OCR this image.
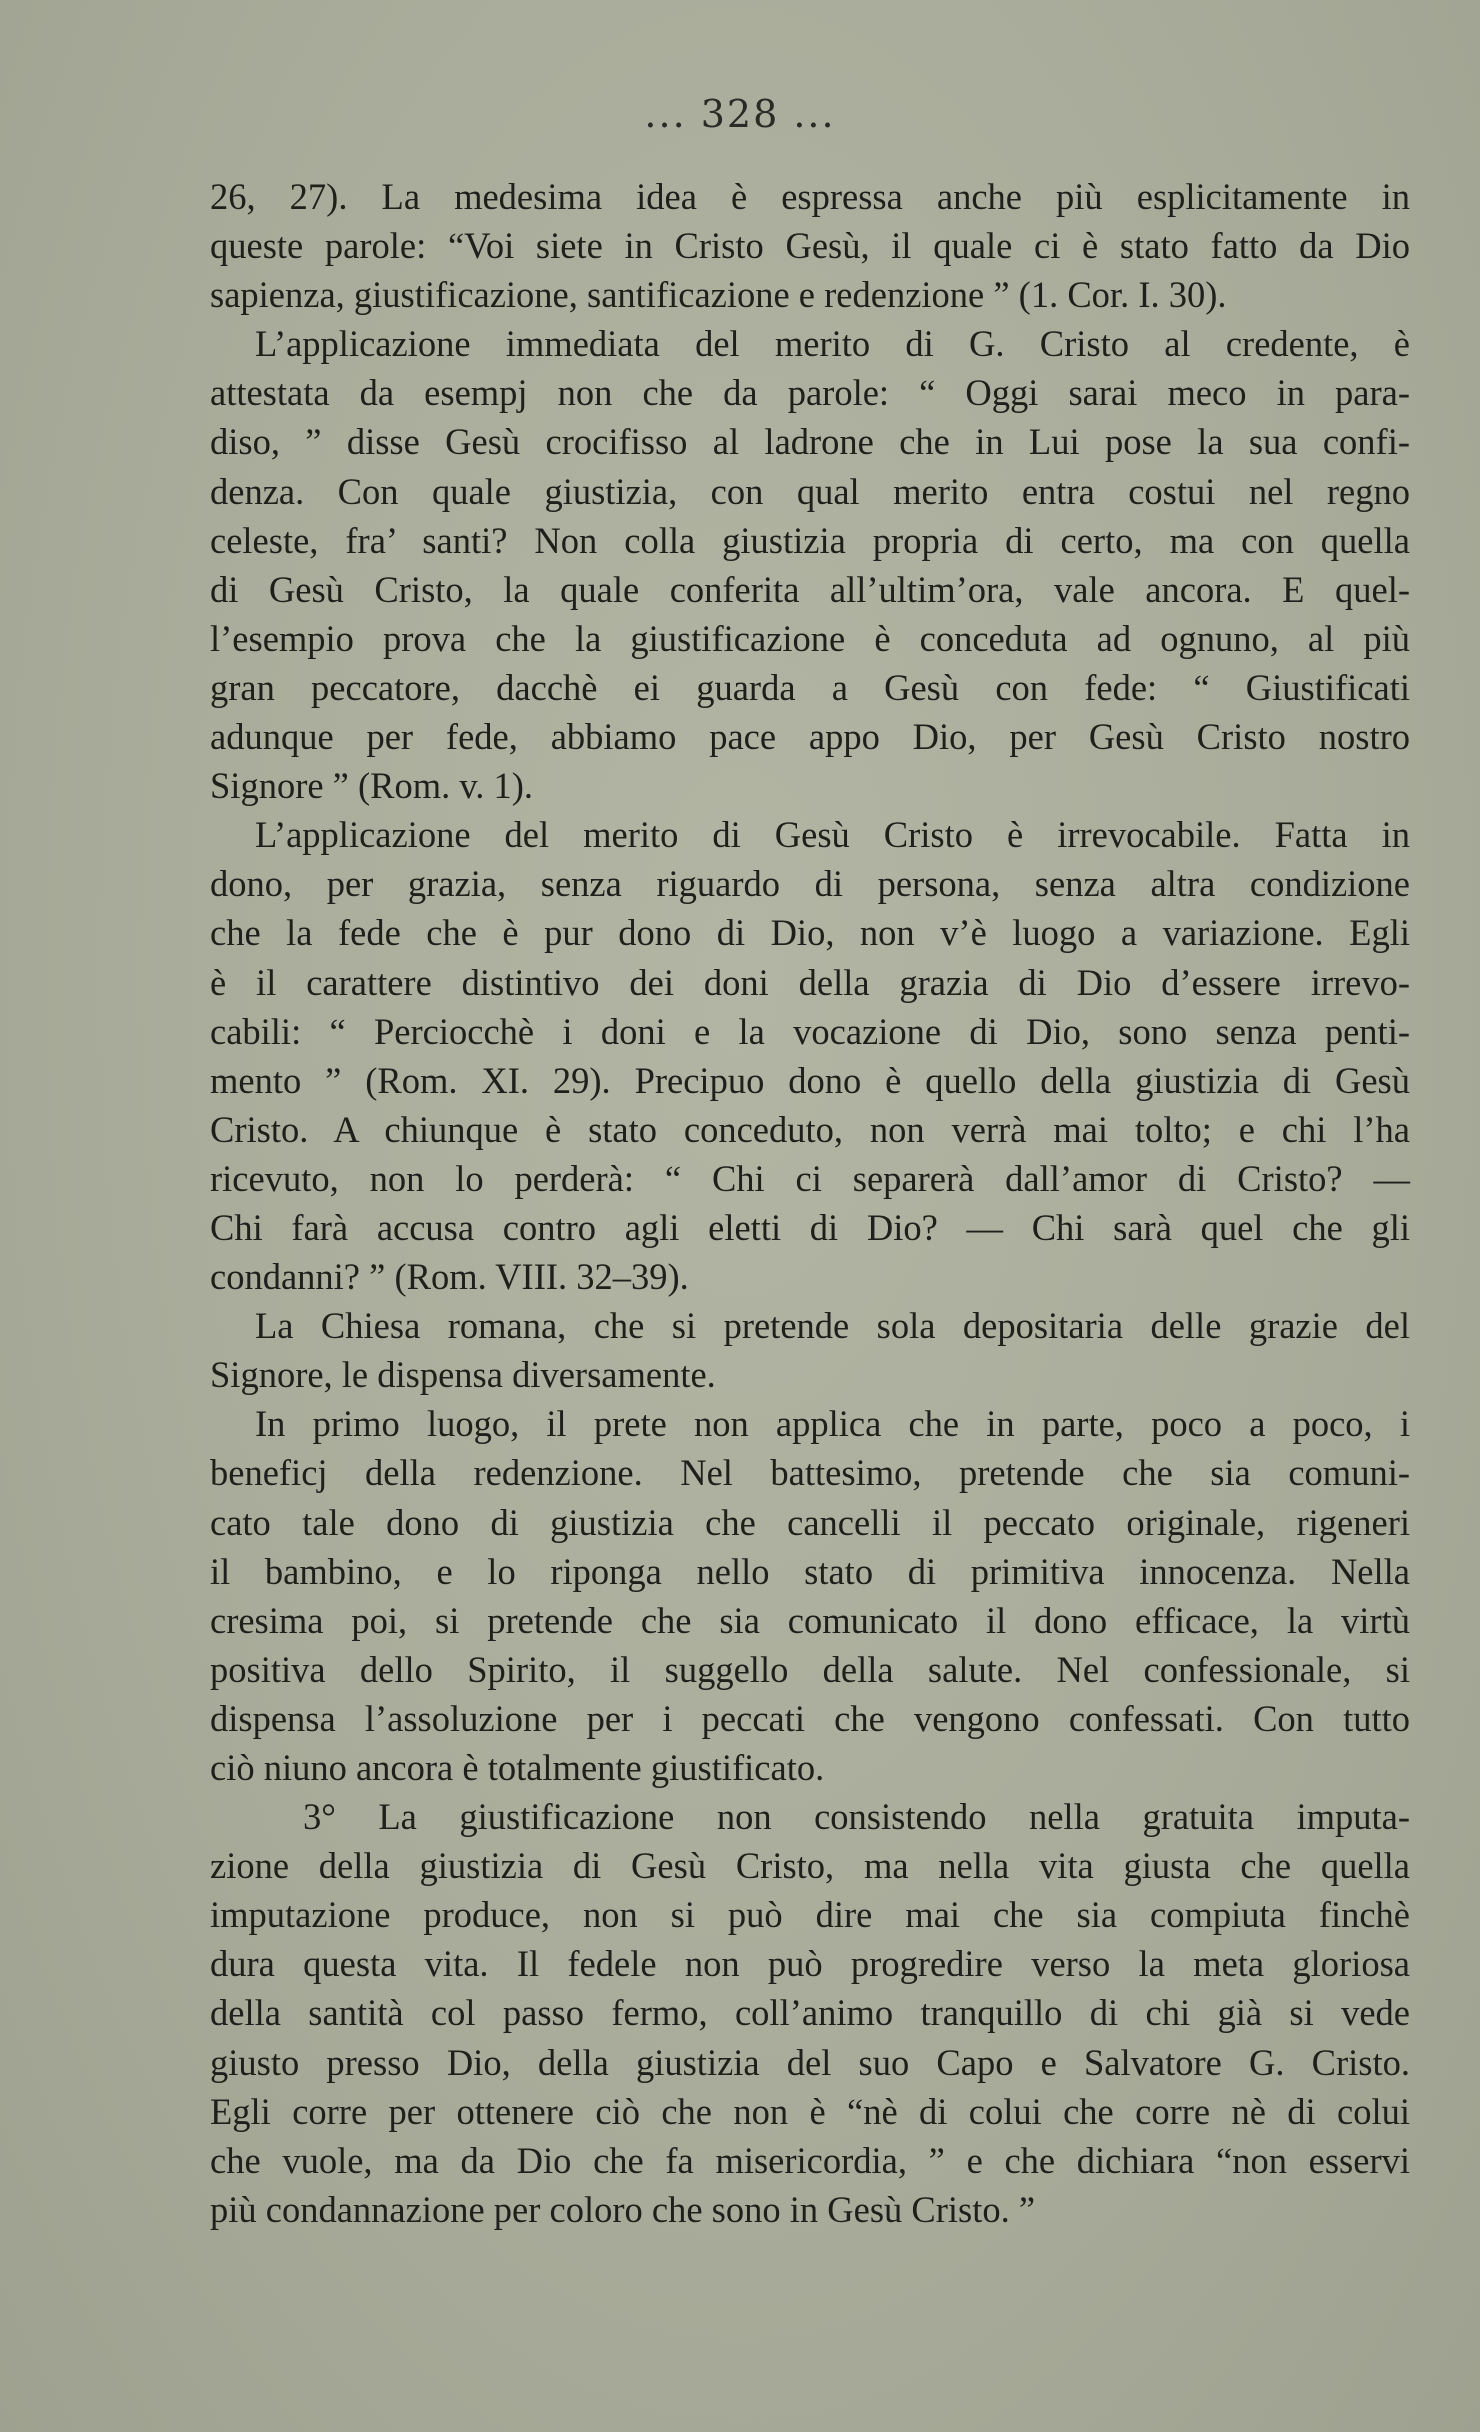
... 328 ...
26, 27). La medesima idea è espressa anche più esplicitamente in
queste parole: “Voi siete in Cristo Gesù, il quale ci è stato fatto da Dio
sapienza, giustificazione, santificazione e redenzione ” (1. Cor. I. 30).
L’applicazione immediata del merito di G. Cristo al credente, è
attestata da esempj non che da parole: “ Oggi sarai meco in para-
diso, ” disse Gesù crocifisso al ladrone che in Lui pose la sua confi-
denza. Con quale giustizia, con qual merito entra costui nel regno
celeste, fra’ santi? Non colla giustizia propria di certo, ma con quella
di Gesù Cristo, la quale conferita all’ultim’ora, vale ancora. E quel-
l’esempio prova che la giustificazione è conceduta ad ognuno, al più
gran peccatore, dacchè ei guarda a Gesù con fede: “ Giustificati
adunque per fede, abbiamo pace appo Dio, per Gesù Cristo nostro
Signore ” (Rom. v. 1).
L’applicazione del merito di Gesù Cristo è irrevocabile. Fatta in
dono, per grazia, senza riguardo di persona, senza altra condizione
che la fede che è pur dono di Dio, non v’è luogo a variazione. Egli
è il carattere distintivo dei doni della grazia di Dio d’essere irrevo-
cabili: “ Perciocchè i doni e la vocazione di Dio, sono senza penti-
mento ” (Rom. XI. 29). Precipuo dono è quello della giustizia di Gesù
Cristo. A chiunque è stato conceduto, non verrà mai tolto; e chi l’ha
ricevuto, non lo perderà: “ Chi ci separerà dall’amor di Cristo? —
Chi farà accusa contro agli eletti di Dio? — Chi sarà quel che gli
condanni? ” (Rom. VIII. 32–39).
La Chiesa romana, che si pretende sola depositaria delle grazie del
Signore, le dispensa diversamente.
In primo luogo, il prete non applica che in parte, poco a poco, i
beneficj della redenzione. Nel battesimo, pretende che sia comuni-
cato tale dono di giustizia che cancelli il peccato originale, rigeneri
il bambino, e lo riponga nello stato di primitiva innocenza. Nella
cresima poi, si pretende che sia comunicato il dono efficace, la virtù
positiva dello Spirito, il suggello della salute. Nel confessionale, si
dispensa l’assoluzione per i peccati che vengono confessati. Con tutto
ciò niuno ancora è totalmente giustificato.
3° La giustificazione non consistendo nella gratuita imputa-
zione della giustizia di Gesù Cristo, ma nella vita giusta che quella
imputazione produce, non si può dire mai che sia compiuta finchè
dura questa vita. Il fedele non può progredire verso la meta gloriosa
della santità col passo fermo, coll’animo tranquillo di chi già si vede
giusto presso Dio, della giustizia del suo Capo e Salvatore G. Cristo.
Egli corre per ottenere ciò che non è “nè di colui che corre nè di colui
che vuole, ma da Dio che fa misericordia, ” e che dichiara “non esservi
più condannazione per coloro che sono in Gesù Cristo. ”
